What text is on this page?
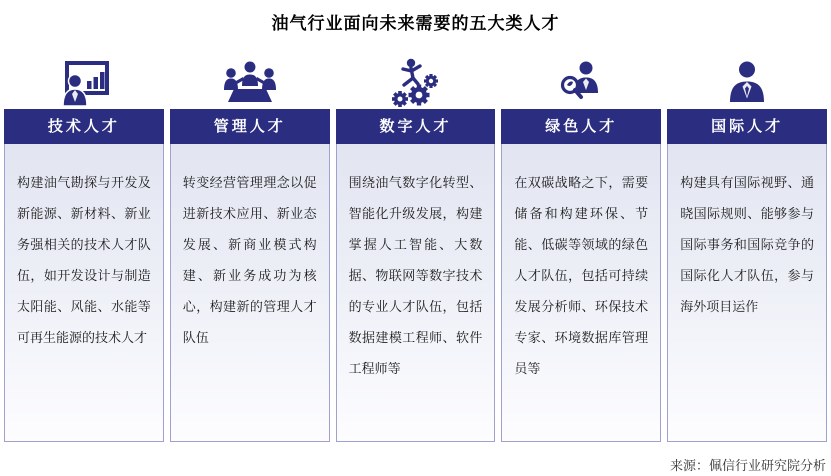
油气行业面向未来需要的五大类人才
技术人才
构建油气勘探与开发及新能源、新材料、新业务强相关的技术人才队伍，如开发设计与制造太阳能、风能、水能等可再生能源的技术人才
管理人才
转变经营管理理念以促进新技术应用、新业态发展、新商业模式构建、新业务成功为核心，构建新的管理人才队伍
数字人才
围绕油气数字化转型、智能化升级发展，构建掌握人工智能、大数据、物联网等数字技术的专业人才队伍，包括数据建模工程师、软件工程师等
绿色人才
在双碳战略之下，需要储备和构建环保、节能、低碳等领域的绿色人才队伍，包括可持续发展分析师、环保技术专家、环境数据库管理员等
国际人才
构建具有国际视野、通晓国际规则、能够参与国际事务和国际竞争的国际化人才队伍，参与海外项目运作
来源：佩信行业研究院分析
